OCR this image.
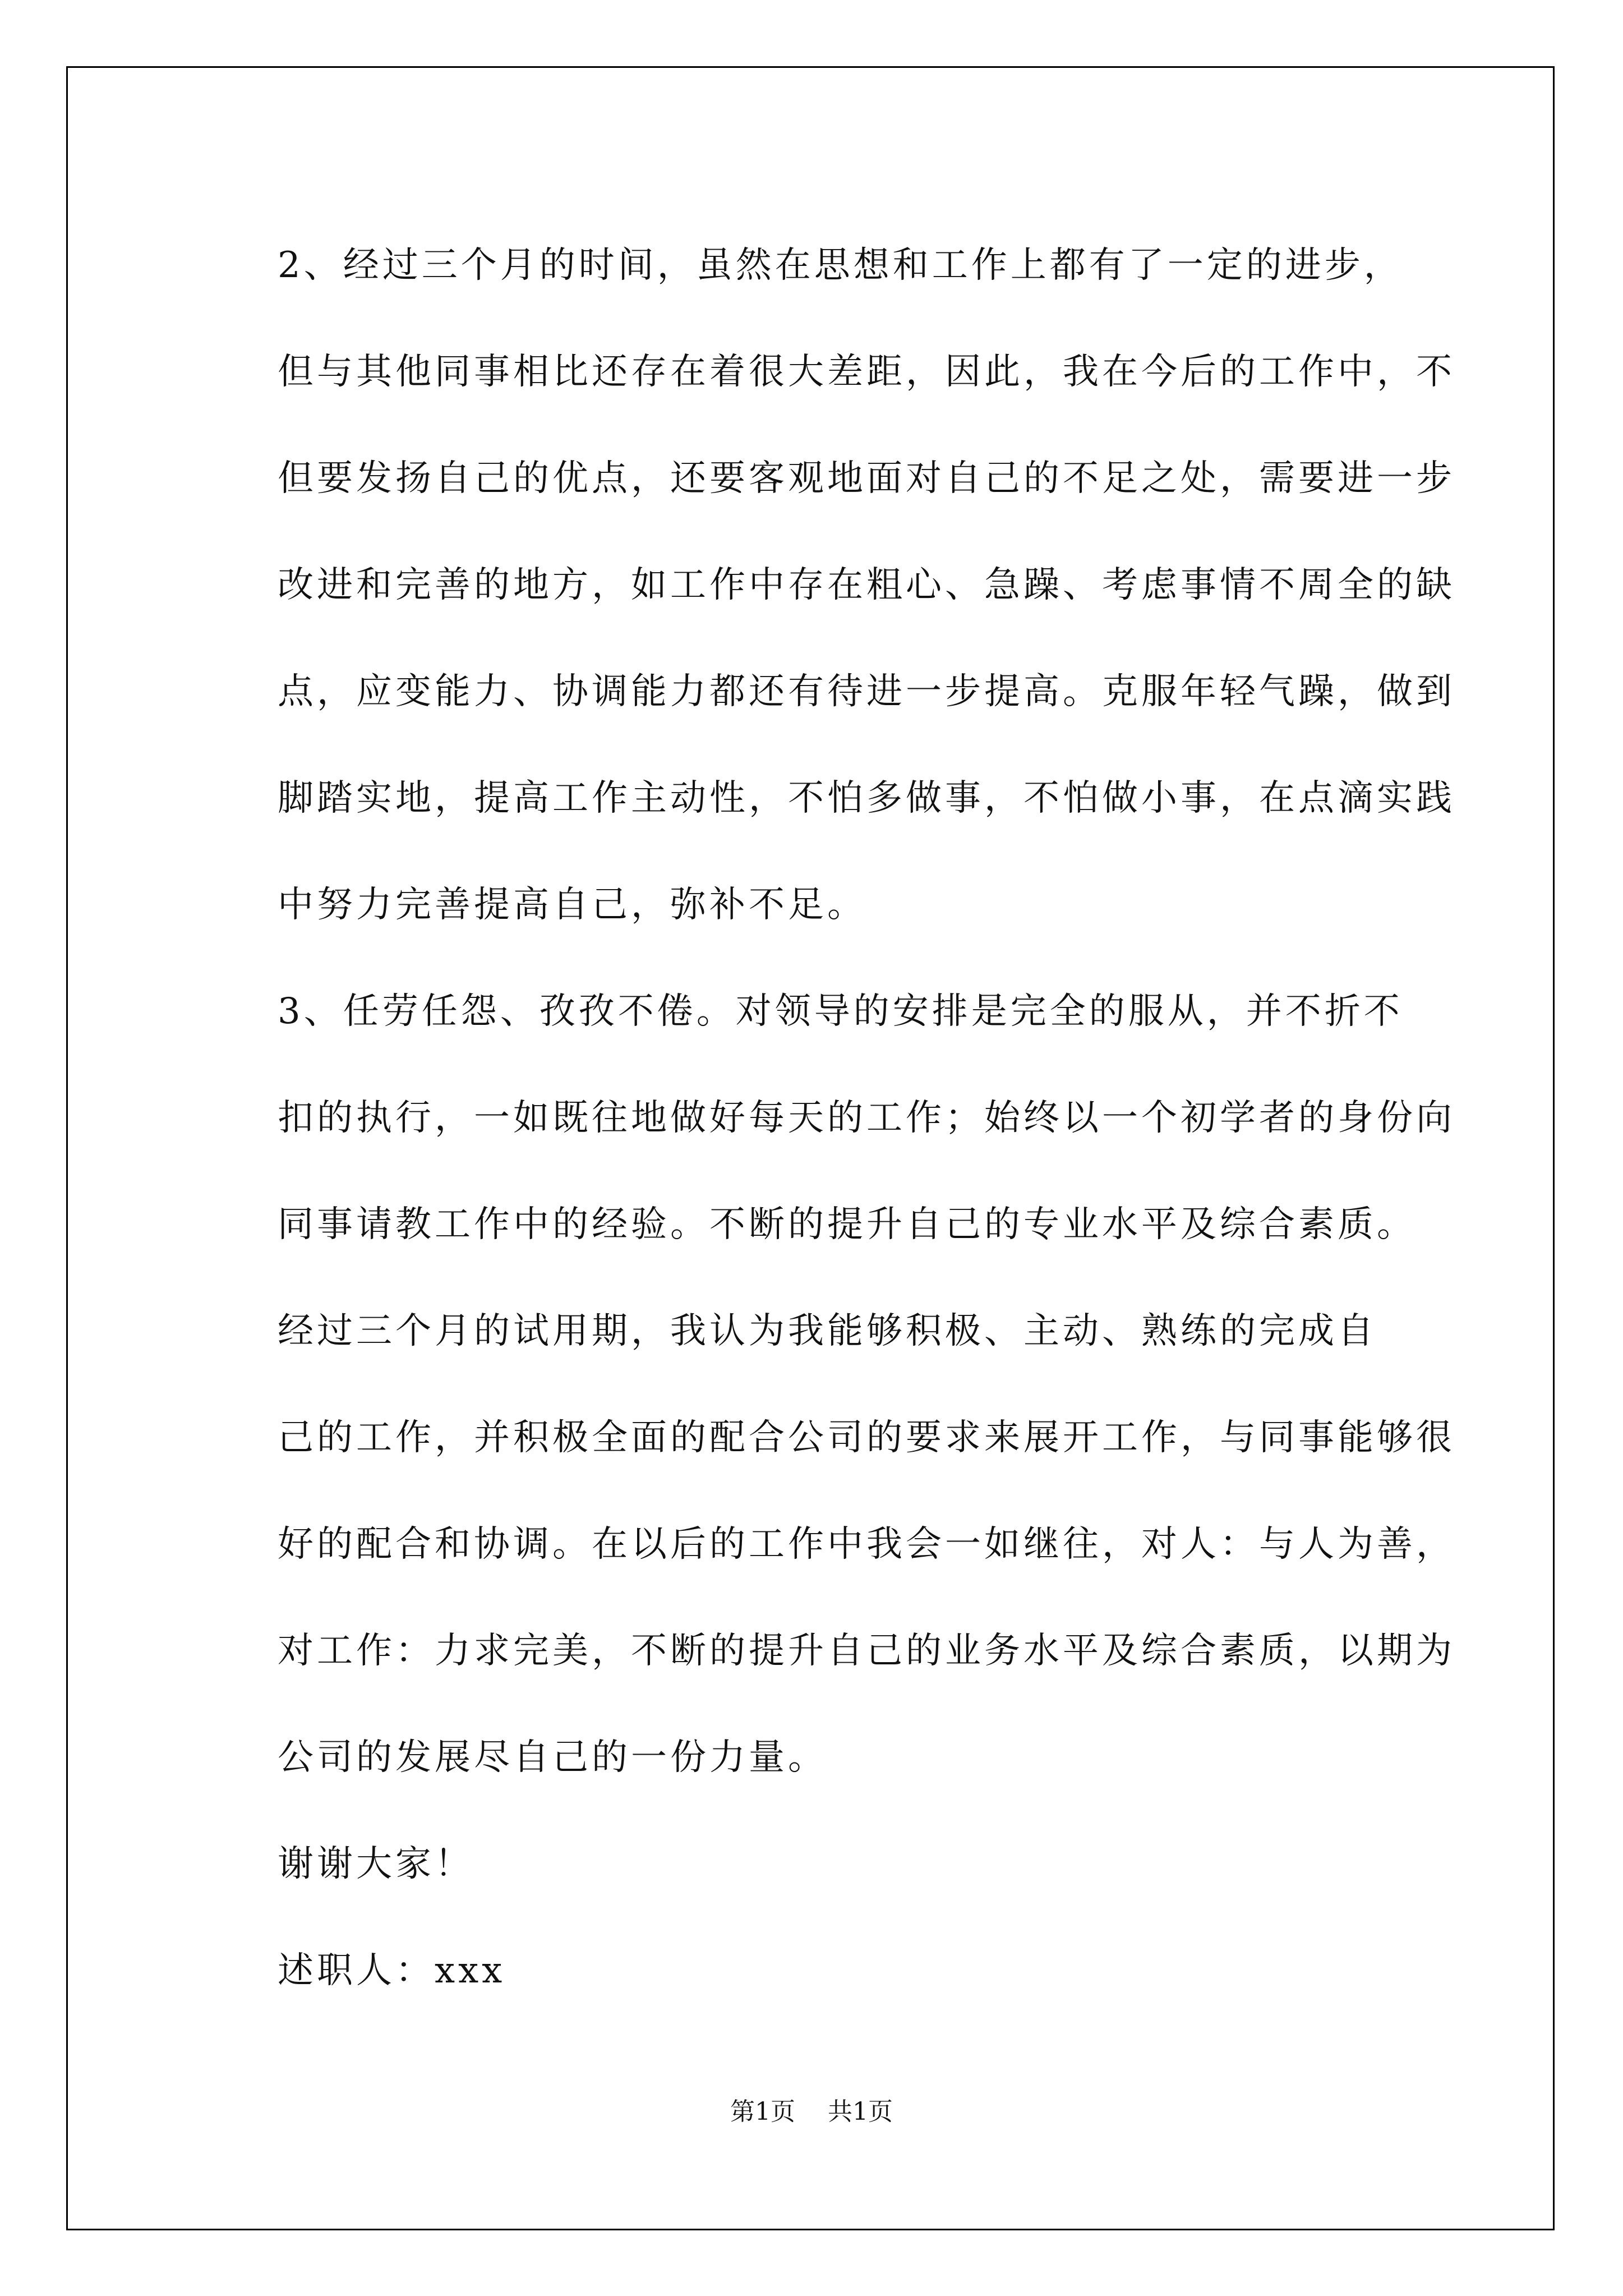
2、经过三个月的时间，虽然在思想和工作上都有了一定的进步，
但与其他同事相比还存在着很大差距，因此，我在今后的工作中，不
但要发扬自己的优点，还要客观地面对自己的不足之处，需要进一步
改进和完善的地方，如工作中存在粗心、急躁、考虑事情不周全的缺
点，应变能力、协调能力都还有待进一步提高。克服年轻气躁，做到
脚踏实地，提高工作主动性，不怕多做事，不怕做小事，在点滴实践
中努力完善提高自己，弥补不足。

3、任劳任怨、孜孜不倦。对领导的安排是完全的服从，并不折不
扣的执行，一如既往地做好每天的工作；始终以一个初学者的身份向
同事请教工作中的经验。不断的提升自己的专业水平及综合素质。

经过三个月的试用期，我认为我能够积极、主动、熟练的完成自
己的工作，并积极全面的配合公司的要求来展开工作，与同事能够很
好的配合和协调。在以后的工作中我会一如继往，对人：与人为善，
对工作：力求完美，不断的提升自己的业务水平及综合素质，以期为
公司的发展尽自己的一份力量。

谢谢大家！

述职人：xxx

第1页 共1页
